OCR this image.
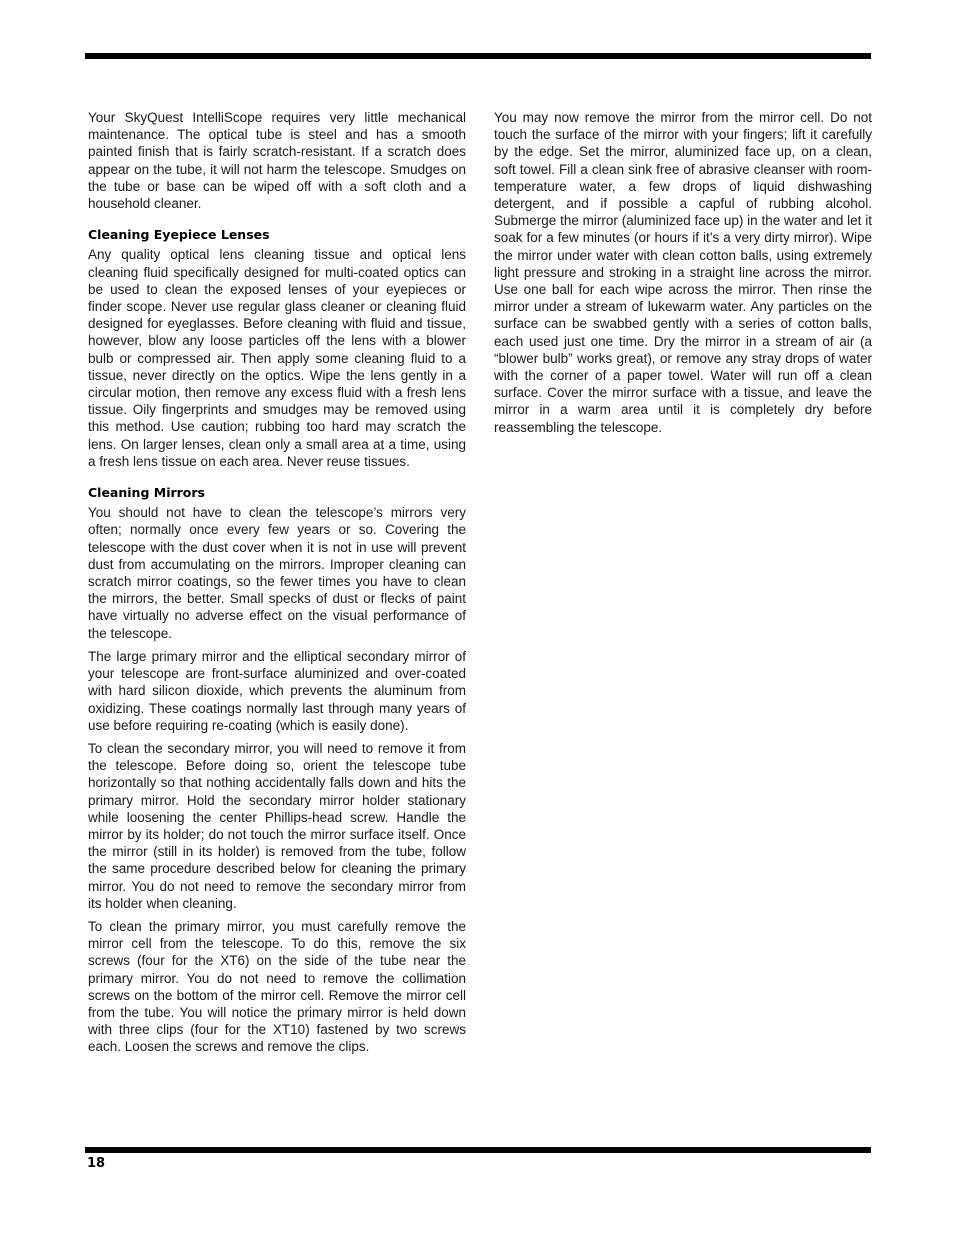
Your SkyQuest IntelliScope requires very little mechanical maintenance. The optical tube is steel and has a smooth painted finish that is fairly scratch-resistant. If a scratch does appear on the tube, it will not harm the telescope. Smudges on the tube or base can be wiped off with a soft cloth and a household cleaner.

Cleaning Eyepiece Lenses

Any quality optical lens cleaning tissue and optical lens cleaning fluid specifically designed for multi-coated optics can be used to clean the exposed lenses of your eyepieces or finder scope. Never use regular glass cleaner or cleaning fluid designed for eyeglasses. Before cleaning with fluid and tissue, however, blow any loose particles off the lens with a blower bulb or compressed air. Then apply some cleaning fluid to a tissue, never directly on the optics. Wipe the lens gently in a circular motion, then remove any excess fluid with a fresh lens tissue. Oily fingerprints and smudges may be removed using this method. Use caution; rubbing too hard may scratch the lens. On larger lenses, clean only a small area at a time, using a fresh lens tissue on each area. Never reuse tissues.

Cleaning Mirrors

You should not have to clean the telescope’s mirrors very often; normally once every few years or so. Covering the telescope with the dust cover when it is not in use will prevent dust from accumulating on the mirrors. Improper cleaning can scratch mirror coatings, so the fewer times you have to clean the mirrors, the better. Small specks of dust or flecks of paint have virtually no adverse effect on the visual performance of the telescope.

The large primary mirror and the elliptical secondary mirror of your telescope are front-surface aluminized and over-coated with hard silicon dioxide, which prevents the aluminum from oxidizing. These coatings normally last through many years of use before requiring re-coating (which is easily done).

To clean the secondary mirror, you will need to remove it from the telescope. Before doing so, orient the telescope tube horizontally so that nothing accidentally falls down and hits the primary mirror. Hold the secondary mirror holder stationary while loosening the center Phillips-head screw. Handle the mirror by its holder; do not touch the mirror surface itself. Once the mirror (still in its holder) is removed from the tube, follow the same procedure described below for cleaning the primary mirror. You do not need to remove the secondary mirror from its holder when cleaning.

To clean the primary mirror, you must carefully remove the mirror cell from the telescope. To do this, remove the six screws (four for the XT6) on the side of the tube near the primary mirror. You do not need to remove the collimation screws on the bottom of the mirror cell. Remove the mirror cell from the tube. You will notice the primary mirror is held down with three clips (four for the XT10) fastened by two screws each. Loosen the screws and remove the clips.

You may now remove the mirror from the mirror cell. Do not touch the surface of the mirror with your fingers; lift it carefully by the edge. Set the mirror, aluminized face up, on a clean, soft towel. Fill a clean sink free of abrasive cleanser with room-temperature water, a few drops of liquid dishwashing detergent, and if possible a capful of rubbing alcohol. Submerge the mirror (aluminized face up) in the water and let it soak for a few minutes (or hours if it’s a very dirty mirror). Wipe the mirror under water with clean cotton balls, using extremely light pressure and stroking in a straight line across the mirror. Use one ball for each wipe across the mirror. Then rinse the mirror under a stream of lukewarm water. Any particles on the surface can be swabbed gently with a series of cotton balls, each used just one time. Dry the mirror in a stream of air (a “blower bulb” works great), or remove any stray drops of water with the corner of a paper towel. Water will run off a clean surface. Cover the mirror surface with a tissue, and leave the mirror in a warm area until it is completely dry before reassembling the telescope.

18
